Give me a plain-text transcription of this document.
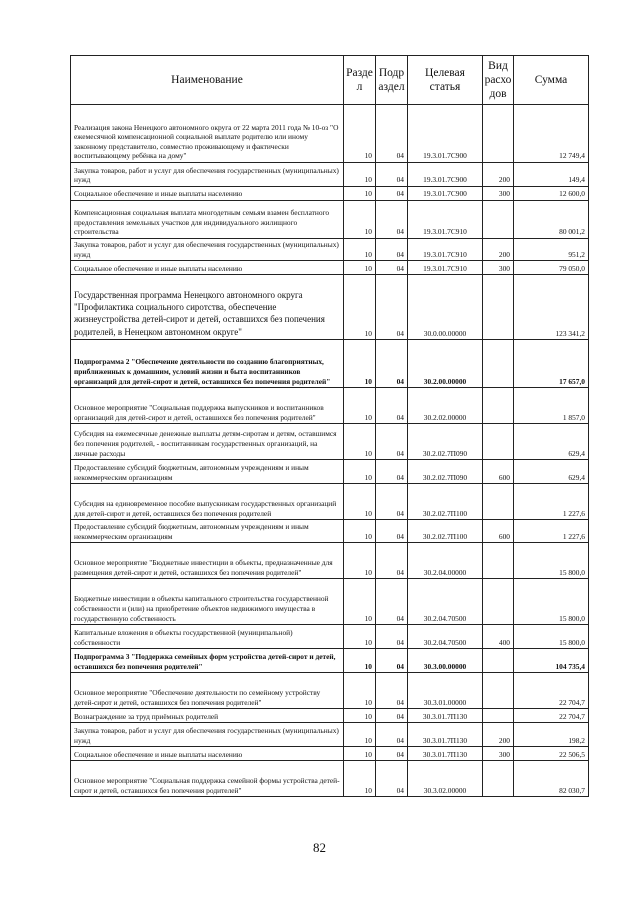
Наименование	Разде л	Подр аздел	Целевая статья	Вид расхо дов	Сумма
Реализация закона Ненецкого автономного округа от 22 марта 2011 года № 10-оз "О ежемесячной компенсационной социальной выплате родителю или иному законному представителю, совместно проживающему и фактически воспитывающему ребёнка на дому"	10	04	19.3.01.7С900		12 749,4
Закупка товаров, работ и услуг для обеспечения государственных (муниципальных) нужд	10	04	19.3.01.7С900	200	149,4
Социальное обеспечение и иные выплаты населению	10	04	19.3.01.7С900	300	12 600,0
Компенсационная социальная выплата многодетным семьям взамен бесплатного предоставления земельных участков для индивидуального жилищного строительства	10	04	19.3.01.7С910		80 001,2
Закупка товаров, работ и услуг для обеспечения государственных (муниципальных) нужд	10	04	19.3.01.7С910	200	951,2
Социальное обеспечение и иные выплаты населению	10	04	19.3.01.7С910	300	79 050,0
Государственная программа Ненецкого автономного округа "Профилактика социального сиротства, обеспечение жизнеустройства детей-сирот и детей, оставшихся без попечения родителей, в Ненецком автономном округе"	10	04	30.0.00.00000		123 341,2
Подпрограмма 2 "Обеспечение деятельности по созданию благоприятных, приближенных к домашним, условий жизни и быта воспитанников организаций для детей-сирот и детей, оставшихся без попечения родителей"	10	04	30.2.00.00000		17 657,0
Основное мероприятие "Социальная поддержка выпускников и воспитанников организаций для детей-сирот и детей, оставшихся без попечения родителей"	10	04	30.2.02.00000		1 857,0
Субсидия на ежемесячные денежные выплаты детям-сиротам и детям, оставшимся без попечения родителей, - воспитанникам государственных организаций, на личные расходы	10	04	30.2.02.7П090		629,4
Предоставление субсидий бюджетным, автономным учреждениям и иным некоммерческим организациям	10	04	30.2.02.7П090	600	629,4
Субсидия на единовременное пособие выпускникам государственных организаций для детей-сирот и детей, оставшихся без попечения родителей	10	04	30.2.02.7П100		1 227,6
Предоставление субсидий бюджетным, автономным учреждениям и иным некоммерческим организациям	10	04	30.2.02.7П100	600	1 227,6
Основное мероприятие "Бюджетные инвестиции в объекты, предназначенные для размещения детей-сирот и детей, оставшихся без попечения родителей"	10	04	30.2.04.00000		15 800,0
Бюджетные инвестиции в объекты капитального строительства государственной собственности и (или) на приобретение объектов недвижимого имущества в государственную собственность	10	04	30.2.04.70500		15 800,0
Капитальные вложения в объекты государственной (муниципальной) собственности	10	04	30.2.04.70500	400	15 800,0
Подпрограмма 3 "Поддержка семейных форм устройства детей-сирот и детей, оставшихся без попечения родителей"	10	04	30.3.00.00000		104 735,4
Основное мероприятие "Обеспечение деятельности по семейному устройству детей-сирот и детей, оставшихся без попечения родителей"	10	04	30.3.01.00000		22 704,7
Вознаграждение за труд приёмных родителей	10	04	30.3.01.7П130		22 704,7
Закупка товаров, работ и услуг для обеспечения государственных (муниципальных) нужд	10	04	30.3.01.7П130	200	198,2
Социальное обеспечение и иные выплаты населению	10	04	30.3.01.7П130	300	22 506,5
Основное мероприятие "Социальная поддержка семейной формы устройства детей-сирот и детей, оставшихся без попечения родителей"	10	04	30.3.02.00000		82 030,7
82
